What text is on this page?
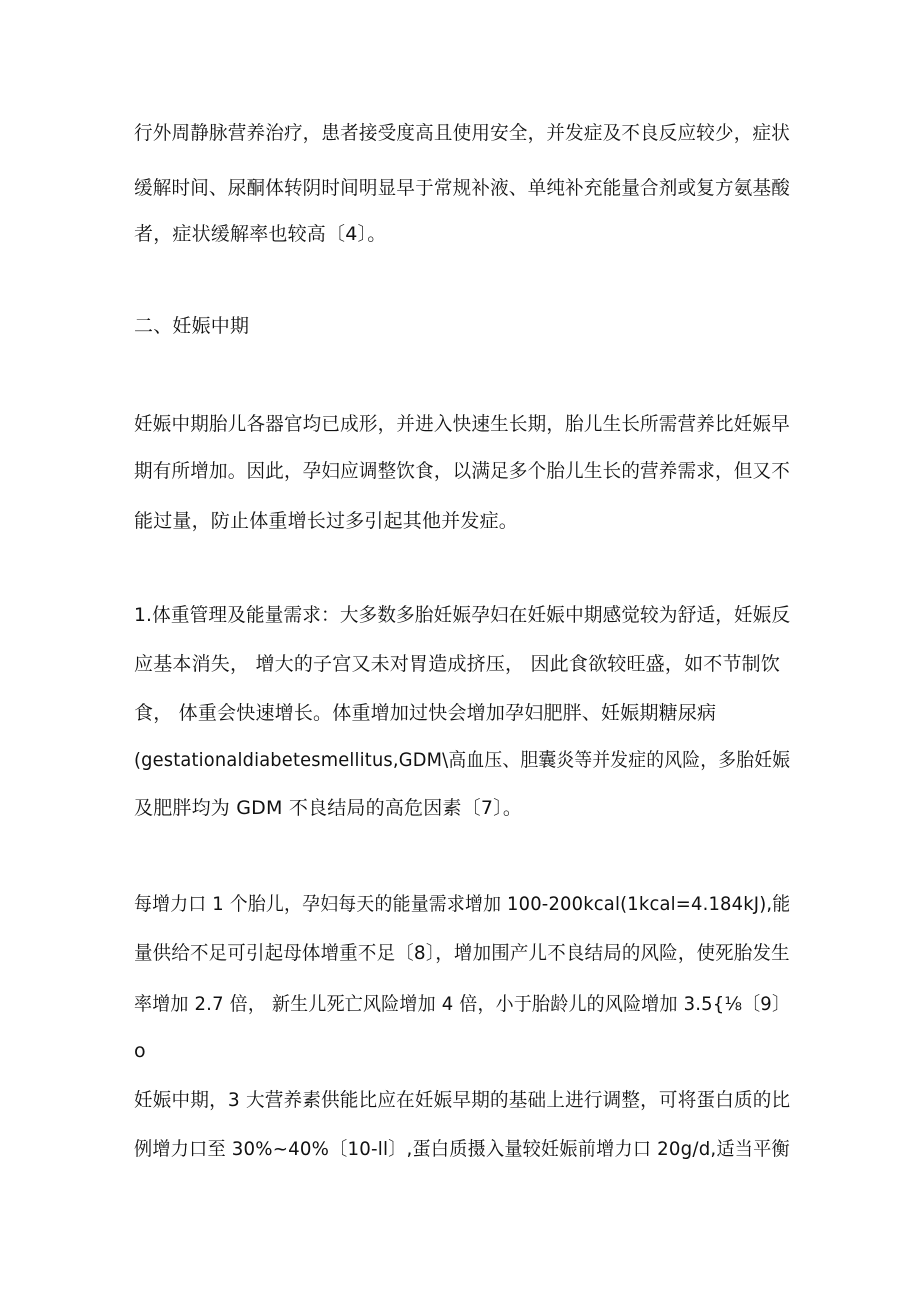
行外周静脉营养治疗，患者接受度高且使用安全，并发症及不良反应较少，症状
缓解时间、尿酮体转阴时间明显早于常规补液、单纯补充能量合剂或复方氨基酸
者，症状缓解率也较高〔4〕。
二、妊娠中期
妊娠中期胎儿各器官均已成形，并进入快速生长期，胎儿生长所需营养比妊娠早
期有所增加。因此，孕妇应调整饮食，以满足多个胎儿生长的营养需求，但又不
能过量，防止体重增长过多引起其他并发症。
1.体重管理及能量需求：大多数多胎妊娠孕妇在妊娠中期感觉较为舒适，妊娠反
应基本消失， 增大的子宫又未对胃造成挤压， 因此食欲较旺盛，如不节制饮
食， 体重会快速增长。体重增加过快会增加孕妇肥胖、妊娠期糖尿病
(gestationaldiabetesmellitus,GDM\高血压、胆囊炎等并发症的风险，多胎妊娠
及肥胖均为 GDM 不良结局的高危因素〔7〕。
每增力口 1 个胎儿，孕妇每天的能量需求增加 100-200kcal(1kcal=4.184kJ),能
量供给不足可引起母体增重不足〔8〕，增加围产儿不良结局的风险，使死胎发生
率增加 2.7 倍， 新生儿死亡风险增加 4 倍，小于胎龄儿的风险增加 3.5{⅛〔9〕
o
妊娠中期，3 大营养素供能比应在妊娠早期的基础上进行调整，可将蛋白质的比
例增力口至 30%~40%〔10-ll〕,蛋白质摄入量较妊娠前增力口 20g/d,适当平衡
